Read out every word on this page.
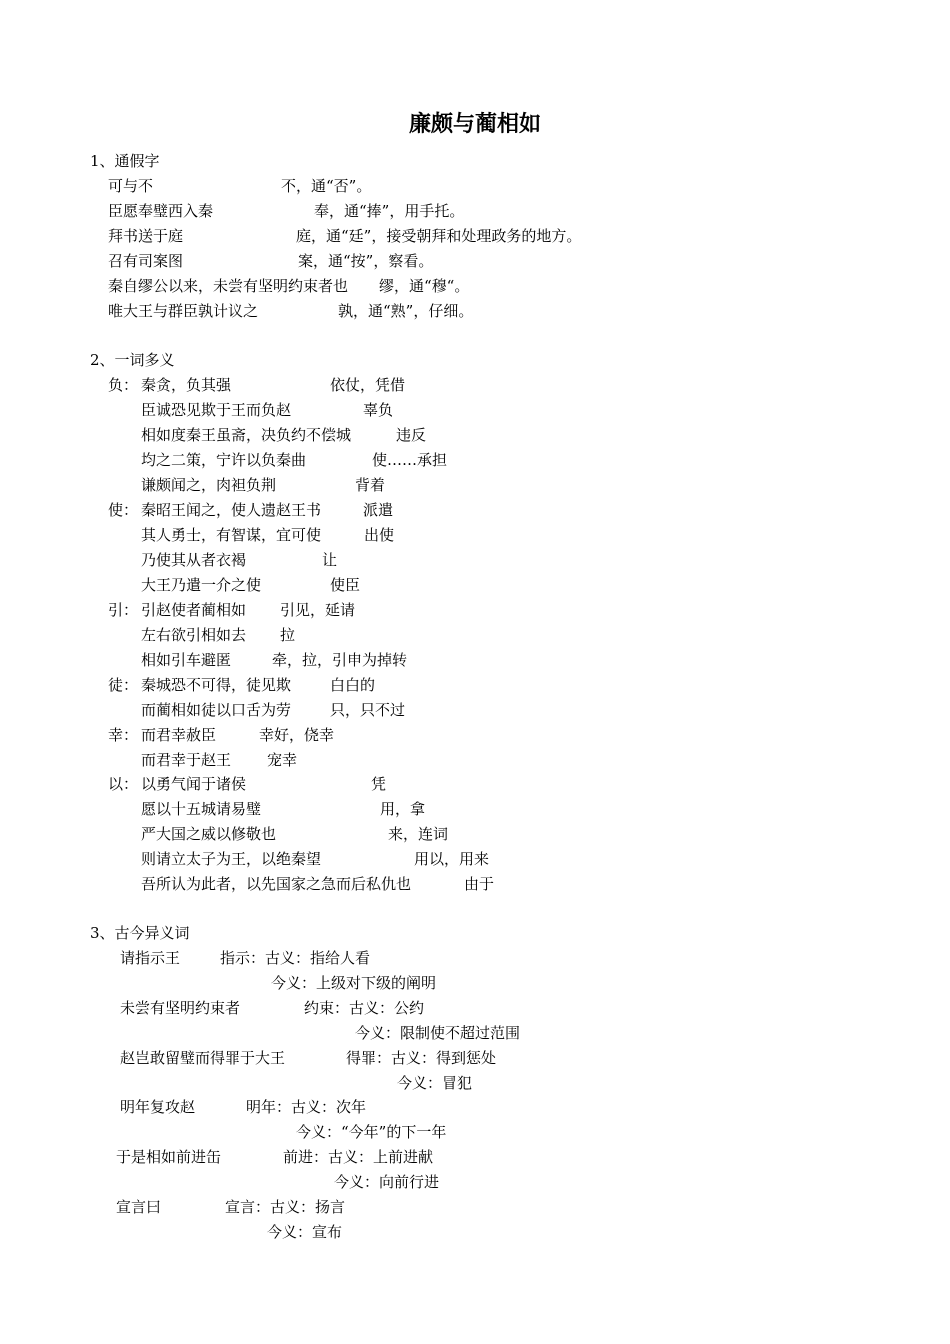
廉颇与蔺相如
1、通假字
可与不	不，通“否”。
臣愿奉璧西入秦	奉，通“捧”，用手托。
拜书送于庭	庭，通“廷”，接受朝拜和处理政务的地方。
召有司案图	案，通“按”，察看。
秦自缪公以来，未尝有坚明约束者也 缪，通“穆“。
唯大王与群臣孰计议之	孰，通“熟”，仔细。
2、一词多义
负： 秦贪，负其强	依仗，凭借
臣诚恐见欺于王而负赵	辜负
相如度秦王虽斋，决负约不偿城	违反
均之二策，宁许以负秦曲	使……承担
谦颇闻之，肉袒负荆	背着
使： 秦昭王闻之，使人遗赵王书	派遣
其人勇士，有智谋，宜可使	出使
乃使其从者衣褐	让
大王乃遣一介之使	使臣
引： 引赵使者蔺相如 引见，延请
左右欲引相如去 拉
相如引车避匿	牵，拉，引申为掉转
徒： 秦城恐不可得，徒见欺	白白的
而蔺相如徒以口舌为劳	只，只不过
幸： 而君幸赦臣	幸好，侥幸
而君幸于赵王 宠幸
以： 以勇气闻于诸侯	凭
愿以十五城请易璧	用，拿
严大国之威以修敬也	来，连词
则请立太子为王，以绝秦望	用以，用来
吾所认为此者，以先国家之急而后私仇也	由于
3、古今异义词
请指示王	指示：古义：指给人看
今义：上级对下级的阐明
未尝有坚明约束者	约束：古义：公约
今义：限制使不超过范围
赵岂敢留璧而得罪于大王	得罪：古义：得到惩处
今义：冒犯
明年复攻赵	明年：古义：次年
今义：“今年”的下一年
于是相如前进缶	前进：古义：上前进献
今义：向前行进
宣言曰	宣言：古义：扬言
今义：宣布
